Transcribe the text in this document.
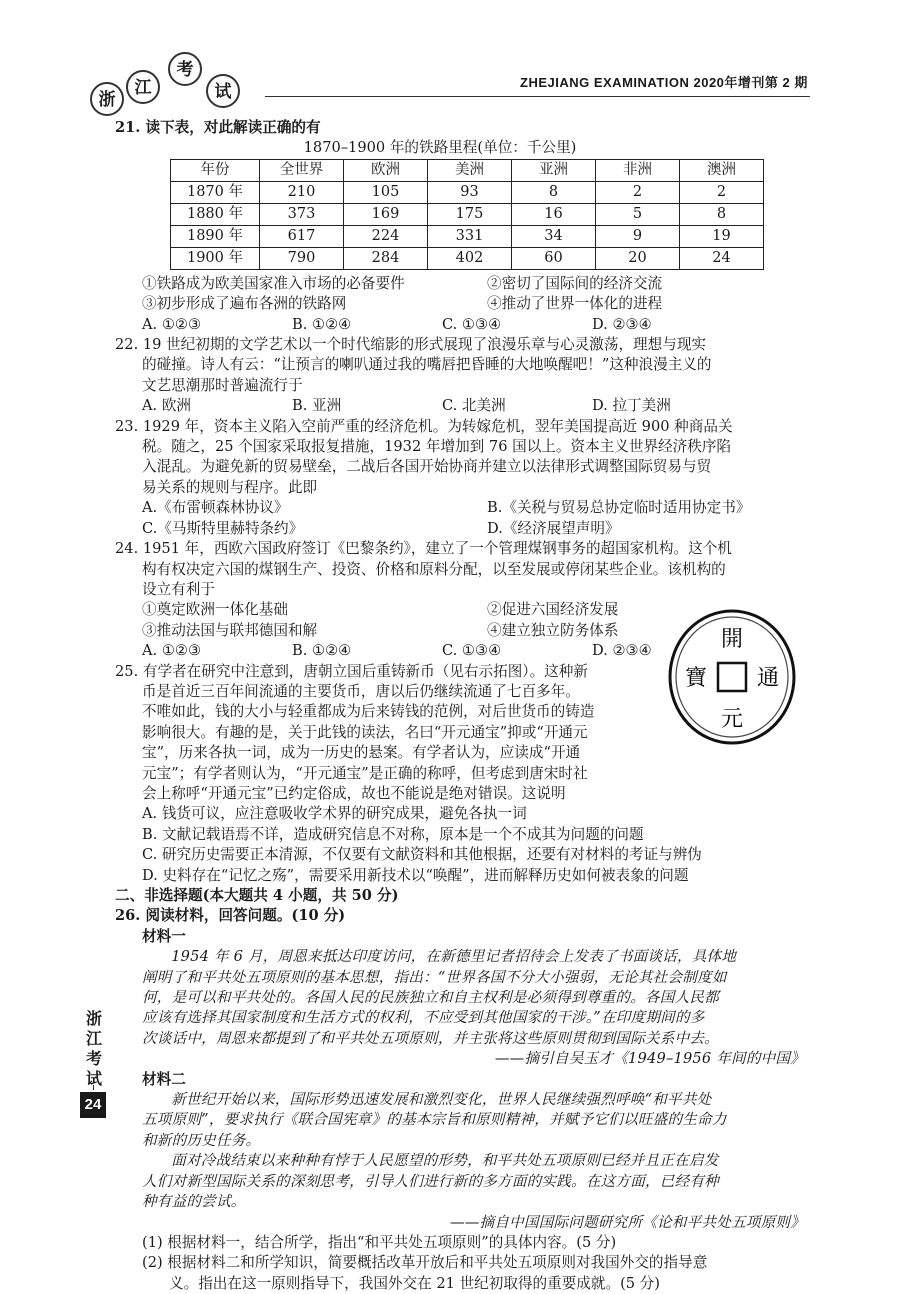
浙
江
考
试	ZHEJIANG EXAMINATION 2020年增刊第 2 期

21. 读下表，对此解读正确的有

1870–1900 年的铁路里程(单位：千公里)
年份	全世界	欧洲	美洲	亚洲	非洲	澳洲
1870 年	210	105	93	8	2	2
1880 年	373	169	175	16	5	8
1890 年	617	224	331	34	9	19
1900 年	790	284	402	60	20	24
①铁路成为欧美国家准入市场的必备要件	②密切了国际间的经济交流
③初步形成了遍布各洲的铁路网	④推动了世界一体化的进程
A. ①②③	B. ①②④	C. ①③④	D. ②③④

22. 19 世纪初期的文学艺术以一个时代缩影的形式展现了浪漫乐章与心灵激荡，理想与现实

的碰撞。诗人有云：“让预言的喇叭通过我的嘴唇把昏睡的大地唤醒吧！”这种浪漫主义的

文艺思潮那时普遍流行于

A. 欧洲	B. 亚洲	C. 北美洲	D. 拉丁美洲

23. 1929 年，资本主义陷入空前严重的经济危机。为转嫁危机，翌年美国提高近 900 种商品关

税。随之，25 个国家采取报复措施，1932 年增加到 76 国以上。资本主义世界经济秩序陷

入混乱。为避免新的贸易壁垒，二战后各国开始协商并建立以法律形式调整国际贸易与贸

易关系的规则与程序。此即

A.《布雷顿森林协议》	B.《关税与贸易总协定临时适用协定书》
C.《马斯特里赫特条约》	D.《经济展望声明》

24. 1951 年，西欧六国政府签订《巴黎条约》，建立了一个管理煤钢事务的超国家机构。这个机

构有权决定六国的煤钢生产、投资、价格和原料分配，以至发展或停闭某些企业。该机构的

设立有利于

①奠定欧洲一体化基础	②促进六国经济发展
③推动法国与联邦德国和解	④建立独立防务体系
A. ①②③	B. ①②④	C. ①③④	D. ②③④

25. 有学者在研究中注意到，唐朝立国后重铸新币（见右示拓图）。这种新

币是首近三百年间流通的主要货币，唐以后仍继续流通了七百多年。

不唯如此，钱的大小与轻重都成为后来铸钱的范例，对后世货币的铸造

影响很大。有趣的是，关于此钱的读法，名曰“开元通宝”抑或“开通元

宝”，历来各执一词，成为一历史的悬案。有学者认为，应读成“开通

元宝”；有学者则认为，“开元通宝”是正确的称呼，但考虑到唐宋时社

会上称呼“开通元宝”已约定俗成，故也不能说是绝对错误。这说明

A. 钱货可议，应注意吸收学术界的研究成果，避免各执一词

B. 文献记载语焉不详，造成研究信息不对称，原本是一个不成其为问题的问题

C. 研究历史需要正本清源，不仅要有文献资料和其他根据，还要有对材料的考证与辨伪

D. 史料存在“记忆之殇”，需要采用新技术以“唤醒”，进而解释历史如何被表象的问题

二、非选择题(本大题共 4 小题，共 50 分)

26. 阅读材料，回答问题。(10 分)

材料一

1954 年 6 月，周恩来抵达印度访问，在新德里记者招待会上发表了书面谈话，具体地

阐明了和平共处五项原则的基本思想，指出：“世界各国不分大小强弱，无论其社会制度如

何，是可以和平共处的。各国人民的民族独立和自主权利是必须得到尊重的。各国人民都

应该有选择其国家制度和生活方式的权利，不应受到其他国家的干涉。”在印度期间的多

次谈话中，周恩来都提到了和平共处五项原则，并主张将这些原则贯彻到国际关系中去。

——摘引自吴玉才《1949–1956 年间的中国》

材料二

新世纪开始以来，国际形势迅速发展和激烈变化，世界人民继续强烈呼唤“和平共处

五项原则”，要求执行《联合国宪章》的基本宗旨和原则精神，并赋予它们以旺盛的生命力

和新的历史任务。

面对冷战结束以来种种有悖于人民愿望的形势，和平共处五项原则已经并且正在启发

人们对新型国际关系的深刻思考，引导人们进行新的多方面的实践。在这方面，已经有种

种有益的尝试。

——摘自中国国际问题研究所《论和平共处五项原则》

(1) 根据材料一，结合所学，指出“和平共处五项原则”的具体内容。(5 分)

(2) 根据材料二和所学知识，简要概括改革开放后和平共处五项原则对我国外交的指导意

义。指出在这一原则指导下，我国外交在 21 世纪初取得的重要成就。(5 分)

開
寶 通
元
浙
江
考
试
24
